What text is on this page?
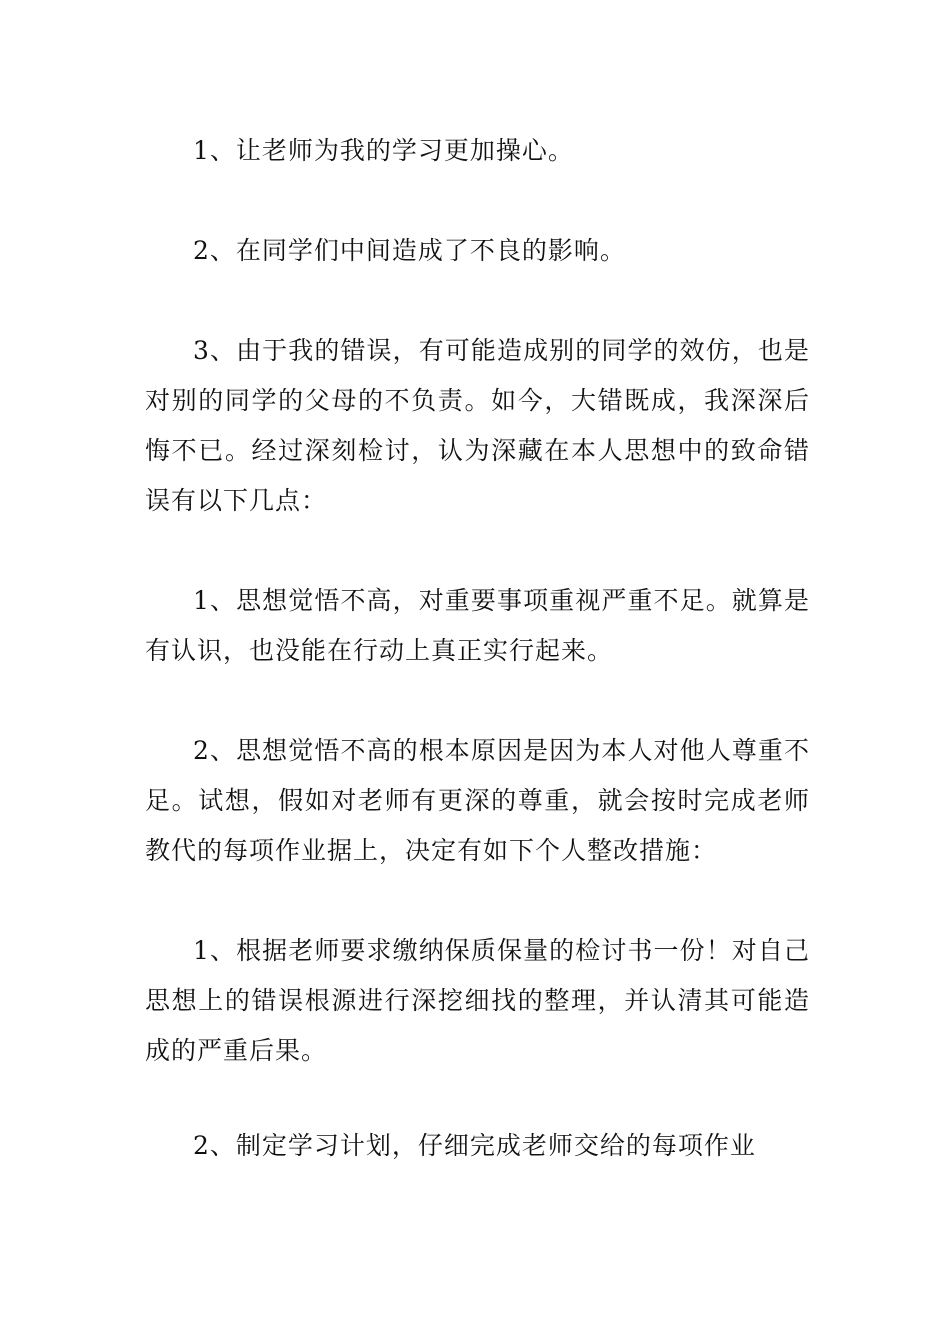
1、让老师为我的学习更加操心。

2、在同学们中间造成了不良的影响。

3、由于我的错误，有可能造成别的同学的效仿，也是对别的同学的父母的不负责。如今，大错既成，我深深后悔不已。经过深刻检讨，认为深藏在本人思想中的致命错误有以下几点：

1、思想觉悟不高，对重要事项重视严重不足。就算是有认识，也没能在行动上真正实行起来。

2、思想觉悟不高的根本原因是因为本人对他人尊重不足。试想，假如对老师有更深的尊重，就会按时完成老师教代的每项作业据上，决定有如下个人整改措施：

1、根据老师要求缴纳保质保量的检讨书一份！对自己思想上的错误根源进行深挖细找的整理，并认清其可能造成的严重后果。

2、制定学习计划，仔细完成老师交给的每项作业
